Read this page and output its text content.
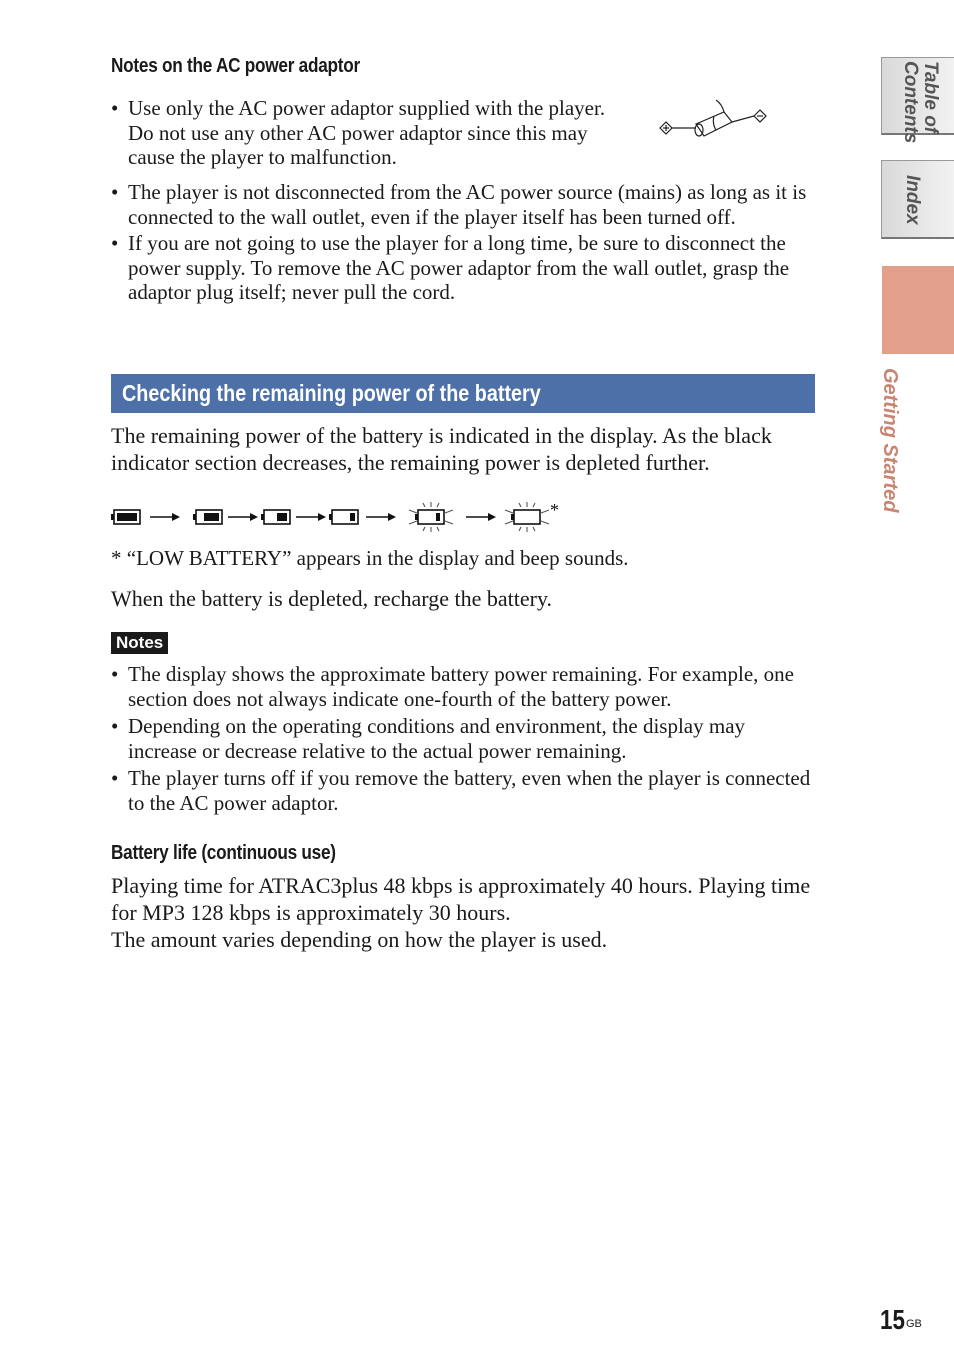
Table of
Contents
Index
Getting Started
Notes on the AC power adaptor
• Use only the AC power adaptor supplied with the player.
Do not use any other AC power adaptor since this may
cause the player to malfunction.
• The player is not disconnected from the AC power source (mains) as long as it is connected to the wall outlet, even if the player itself has been turned off.
• If you are not going to use the player for a long time, be sure to disconnect the power supply. To remove the AC power adaptor from the wall outlet, grasp the adaptor plug itself; never pull the cord.
Checking the remaining power of the battery
The remaining power of the battery is indicated in the display. As the black indicator section decreases, the remaining power is depleted further.
*
* “LOW BATTERY” appears in the display and beep sounds.
When the battery is depleted, recharge the battery.
Notes
• The display shows the approximate battery power remaining. For example, one section does not always indicate one-fourth of the battery power.
• Depending on the operating conditions and environment, the display may increase or decrease relative to the actual power remaining.
• The player turns off if you remove the battery, even when the player is connected to the AC power adaptor.
Battery life (continuous use)
Playing time for ATRAC3plus 48 kbps is approximately 40 hours. Playing time for MP3 128 kbps is approximately 30 hours.
The amount varies depending on how the player is used.
15 GB
